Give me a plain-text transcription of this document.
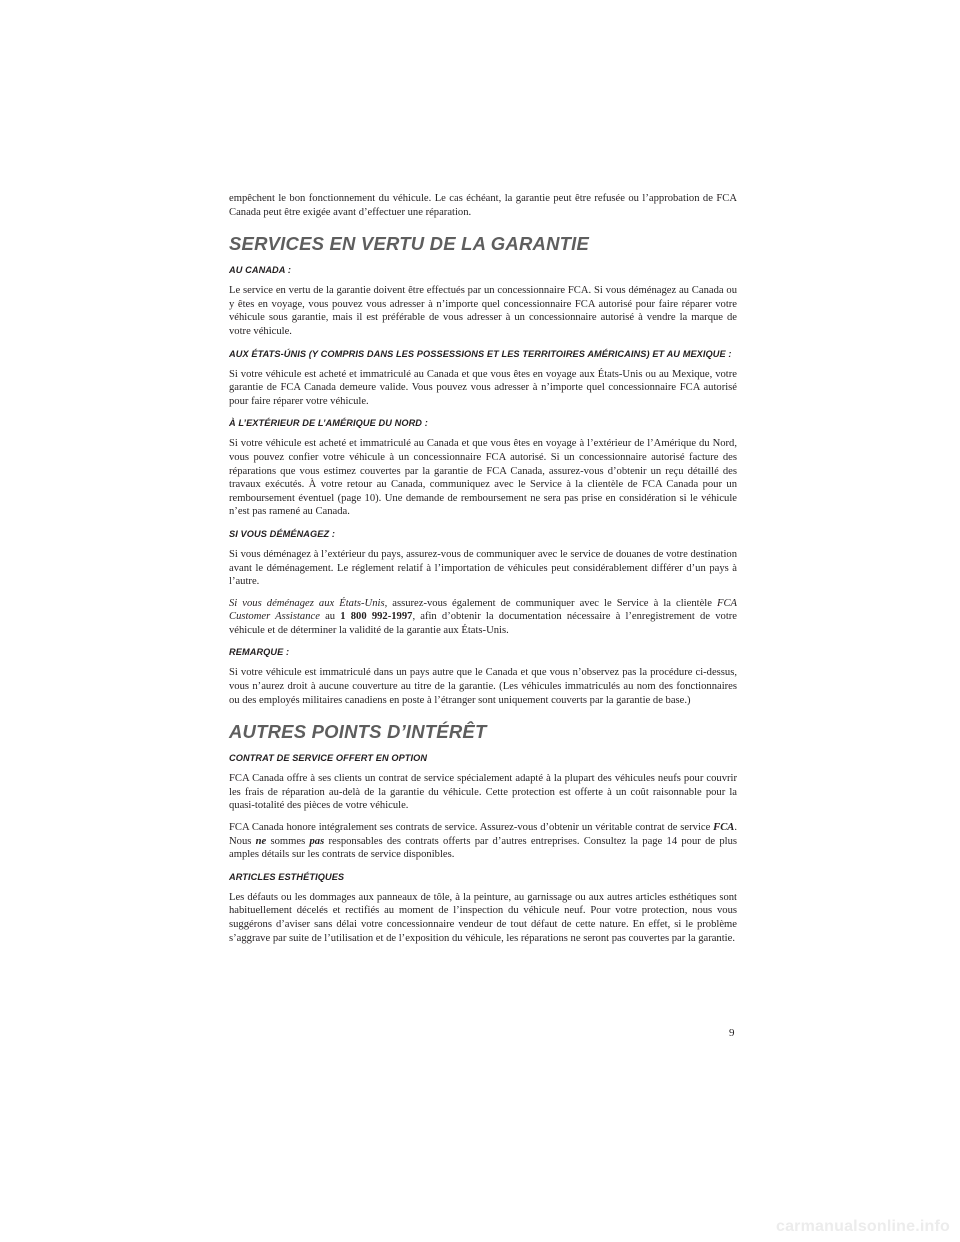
empêchent le bon fonctionnement du véhicule. Le cas échéant, la garantie peut être refusée ou l’approbation de FCA Canada peut être exigée avant d’effectuer une réparation.

SERVICES EN VERTU DE LA GARANTIE
AU CANADA :

Le service en vertu de la garantie doivent être effectués par un concessionnaire FCA. Si vous déménagez au Canada ou y êtes en voyage, vous pouvez vous adresser à n’importe quel concessionnaire FCA autorisé pour faire réparer votre véhicule sous garantie, mais il est préférable de vous adresser à un concessionnaire autorisé à vendre la marque de votre véhicule.

AUX ÉTATS-ÚNIS (Y COMPRIS DANS LES POSSESSIONS ET LES TERRITOIRES AMÉRICAINS) ET AU MEXIQUE :

Si votre véhicule est acheté et immatriculé au Canada et que vous êtes en voyage aux États-Unis ou au Mexique, votre garantie de FCA Canada demeure valide. Vous pouvez vous adresser à n’importe quel concessionnaire FCA autorisé pour faire réparer votre véhicule.

À L’EXTÉRIEUR DE L’AMÉRIQUE DU NORD :

Si votre véhicule est acheté et immatriculé au Canada et que vous êtes en voyage à l’extérieur de l’Amérique du Nord, vous pouvez confier votre véhicule à un concessionnaire FCA autorisé. Si un concessionnaire autorisé facture des réparations que vous estimez couvertes par la garantie de FCA Canada, assurez-vous d’obtenir un reçu détaillé des travaux exécutés. À votre retour au Canada, communiquez avec le Service à la clientèle de FCA Canada pour un remboursement éventuel (page 10). Une demande de remboursement ne sera pas prise en considération si le véhicule n’est pas ramené au Canada.

SI VOUS DÉMÉNAGEZ :

Si vous déménagez à l’extérieur du pays, assurez-vous de communiquer avec le service de douanes de votre destination avant le déménagement. Le réglement relatif à l’importation de véhicules peut considérablement différer d’un pays à l’autre.

Si vous déménagez aux États-Unis, assurez-vous également de communiquer avec le Service à la clientèle FCA Customer Assistance au 1 800 992-1997, afin d’obtenir la documentation nécessaire à l’enregistrement de votre véhicule et de déterminer la validité de la garantie aux États-Unis.

REMARQUE :

Si votre véhicule est immatriculé dans un pays autre que le Canada et que vous n’observez pas la procédure ci-dessus, vous n’aurez droit à aucune couverture au titre de la garantie. (Les véhicules immatriculés au nom des fonctionnaires ou des employés militaires canadiens en poste à l’étranger sont uniquement couverts par la garantie de base.)

AUTRES POINTS D’INTÉRÊT
CONTRAT DE SERVICE OFFERT EN OPTION

FCA Canada offre à ses clients un contrat de service spécialement adapté à la plupart des véhicules neufs pour couvrir les frais de réparation au-delà de la garantie du véhicule. Cette protection est offerte à un coût raisonnable pour la quasi-totalité des pièces de votre véhicule.

FCA Canada honore intégralement ses contrats de service. Assurez-vous d’obtenir un véritable contrat de service FCA. Nous ne sommes pas responsables des contrats offerts par d’autres entreprises. Consultez la page 14 pour de plus amples détails sur les contrats de service disponibles.

ARTICLES ESTHÉTIQUES

Les défauts ou les dommages aux panneaux de tôle, à la peinture, au garnissage ou aux autres articles esthétiques sont habituellement décelés et rectifiés au moment de l’inspection du véhicule neuf. Pour votre protection, nous vous suggérons d’aviser sans délai votre concessionnaire vendeur de tout défaut de cette nature. En effet, si le problème s’aggrave par suite de l’utilisation et de l’exposition du véhicule, les réparations ne seront pas couvertes par la garantie.

9
carmanualsonline.info
